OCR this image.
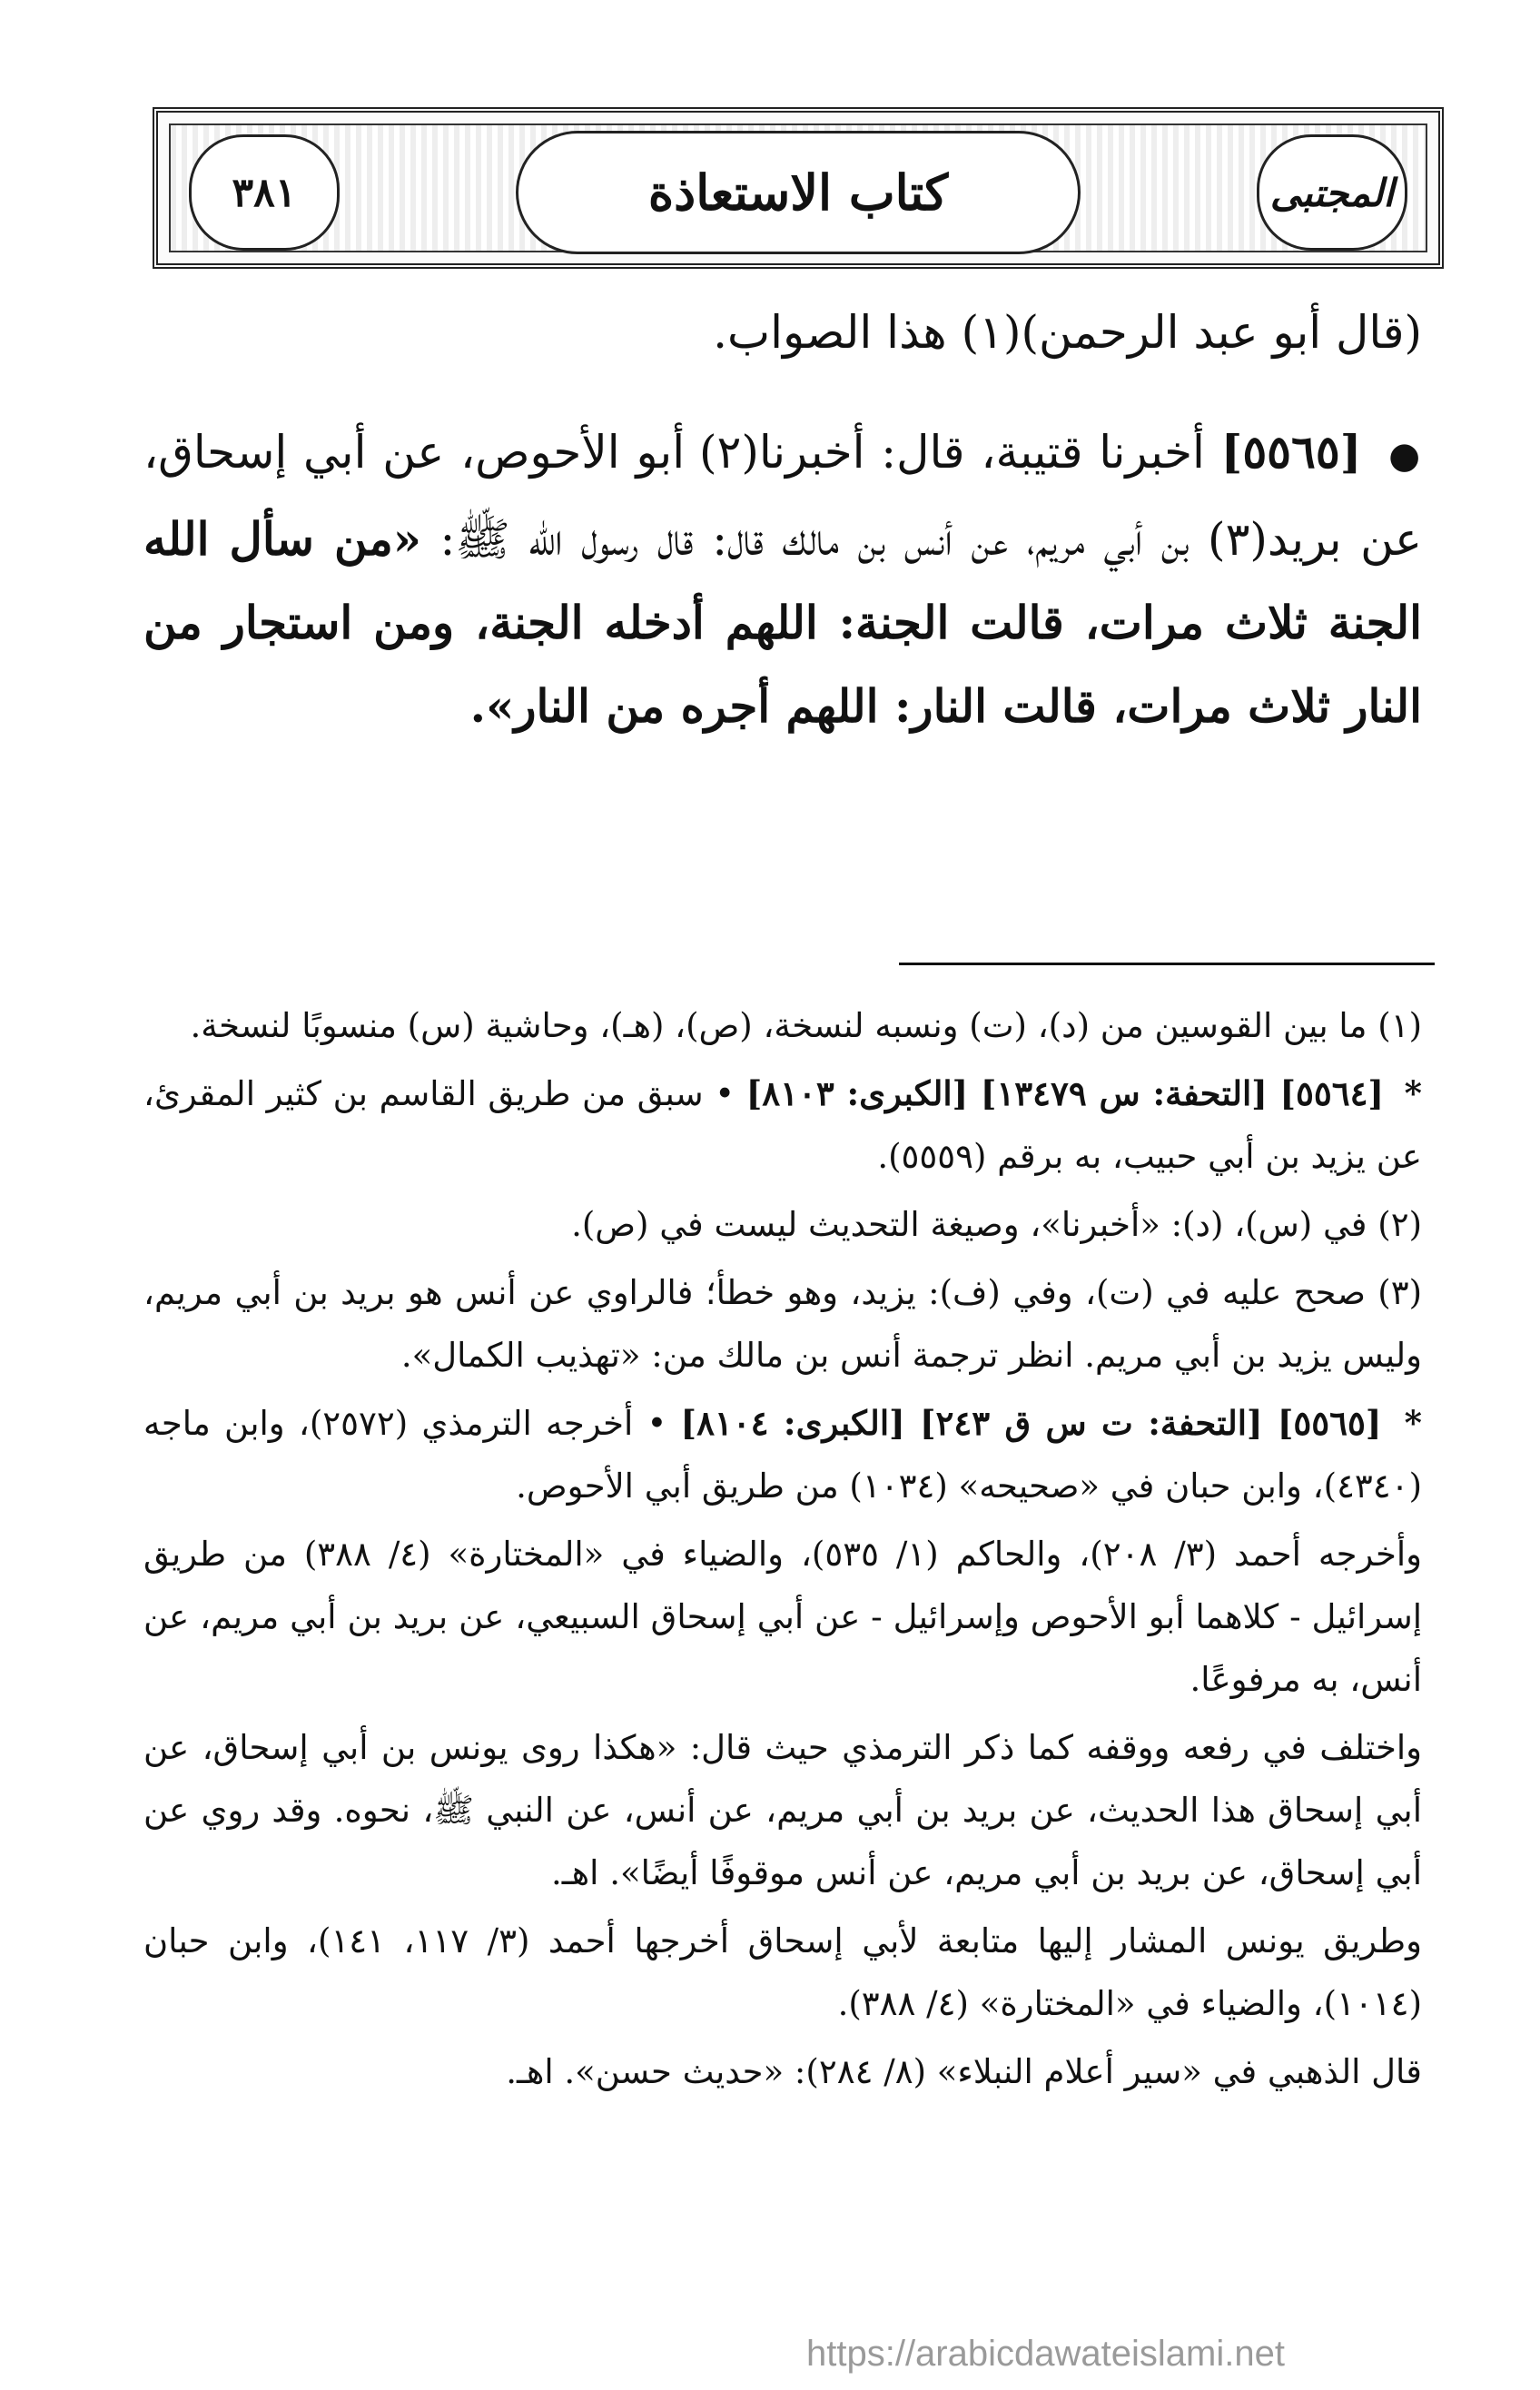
٣٨١	كتاب الاستعاذة	المجتبى

(قال أبو عبد الرحمن)(١) هذا الصواب.

● [٥٥٦٥] أخبرنا قتيبة، قال: أخبرنا(٢) أبو الأحوص، عن أبي إسحاق، عن بريد(٣) بن أبي مريم، عن أنس بن مالك قال: قال رسول الله ﷺ: «من سأل الله الجنة ثلاث مرات، قالت الجنة: اللهم أدخله الجنة، ومن استجار من النار ثلاث مرات، قالت النار: اللهم أجره من النار».

(١) ما بين القوسين من (د)، (ت) ونسبه لنسخة، (ص)، (هـ)، وحاشية (س) منسوبًا لنسخة.

* [٥٥٦٤] [التحفة: س ١٣٤٧٩] [الكبرى: ٨١٠٣] • سبق من طريق القاسم بن كثير المقرئ، عن يزيد بن أبي حبيب، به برقم (٥٥٥٩).

(٢) في (س)، (د): «أخبرنا»، وصيغة التحديث ليست في (ص).

(٣) صحح عليه في (ت)، وفي (ف): يزيد، وهو خطأ؛ فالراوي عن أنس هو بريد بن أبي مريم، وليس يزيد بن أبي مريم. انظر ترجمة أنس بن مالك من: «تهذيب الكمال».

* [٥٥٦٥] [التحفة: ت س ق ٢٤٣] [الكبرى: ٨١٠٤] • أخرجه الترمذي (٢٥٧٢)، وابن ماجه (٤٣٤٠)، وابن حبان في «صحيحه» (١٠٣٤) من طريق أبي الأحوص.

وأخرجه أحمد (٣/ ٢٠٨)، والحاكم (١/ ٥٣٥)، والضياء في «المختارة» (٤/ ٣٨٨) من طريق إسرائيل - كلاهما أبو الأحوص وإسرائيل - عن أبي إسحاق السبيعي، عن بريد بن أبي مريم، عن أنس، به مرفوعًا.

واختلف في رفعه ووقفه كما ذكر الترمذي حيث قال: «هكذا روى يونس بن أبي إسحاق، عن أبي إسحاق هذا الحديث، عن بريد بن أبي مريم، عن أنس، عن النبي ﷺ، نحوه. وقد روي عن أبي إسحاق، عن بريد بن أبي مريم، عن أنس موقوفًا أيضًا». اهـ.

وطريق يونس المشار إليها متابعة لأبي إسحاق أخرجها أحمد (٣/ ١١٧، ١٤١)، وابن حبان (١٠١٤)، والضياء في «المختارة» (٤/ ٣٨٨).

قال الذهبي في «سير أعلام النبلاء» (٨/ ٢٨٤): «حديث حسن». اهـ.

https://arabicdawateislami.net
